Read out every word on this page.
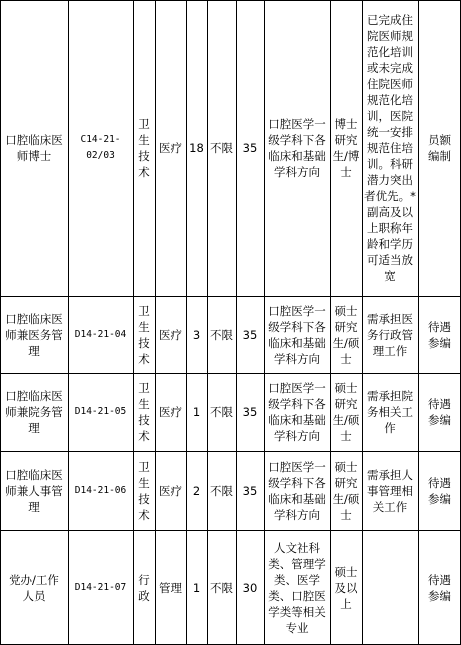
口腔临床医
师博士
C14-21-
02/03
卫
生
技
术
医疗 18 不限 35
口腔医学一
级学科下各
临床和基础
学科方向
博士
研究
生/博
士
已完成住
院医师规
范化培训
或未完成
住院医师
规范化培
训，医院
统一安排
规范住培
训。科研
潜力突出
者优先。*
副高及以
上职称年
龄和学历
可适当放
宽
员额
编制
口腔临床医
师兼医务管
理
D14-21-04
卫
生
技
术
医疗 3 不限 35
口腔医学一
级学科下各
临床和基础
学科方向
硕士
研究
生/硕
士
需承担医
务行政管
理工作
待遇
参编
口腔临床医
师兼院务管
理
D14-21-05
卫
生
技
术
医疗 1 不限 35
口腔医学一
级学科下各
临床和基础
学科方向
硕士
研究
生/硕
士
需承担院
务相关工
作
待遇
参编
口腔临床医
师兼人事管理
D14-21-06
卫
生
技
术
医疗 2 不限 35
口腔医学一
级学科下各
临床和基础
学科方向
硕士
研究
生/硕
士
需承担人
事管理相
关工作
待遇
参编
党办/工作
人员
D14-21-07
行
政
管理 1 不限 30
人文社科
类、管理学
类、医学
类、口腔医
学类等相关
专业
硕士
及以
上
待遇
参编
